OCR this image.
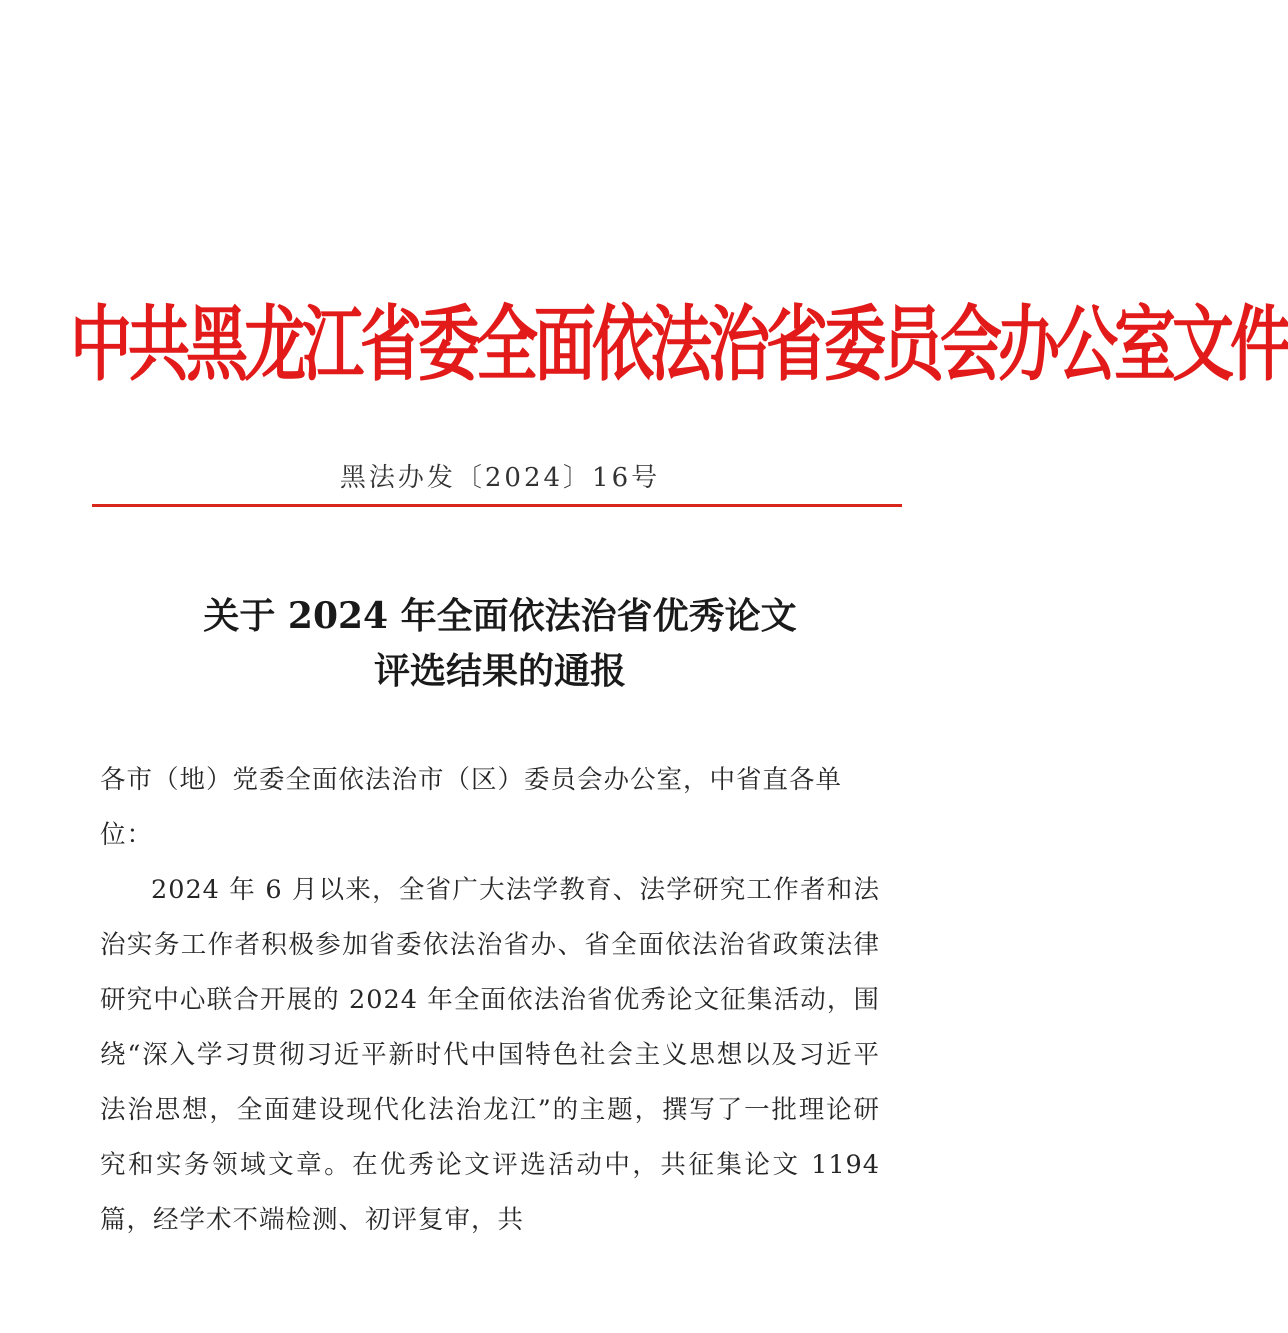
中共黑龙江省委全面依法治省委员会办公室文件
黑法办发〔2024〕16号
关于 2024 年全面依法治省优秀论文
评选结果的通报
各市（地）党委全面依法治市（区）委员会办公室，中省直各单位：
2024 年 6 月以来，全省广大法学教育、法学研究工作者和法治实务工作者积极参加省委依法治省办、省全面依法治省政策法律研究中心联合开展的 2024 年全面依法治省优秀论文征集活动，围绕“深入学习贯彻习近平新时代中国特色社会主义思想以及习近平法治思想，全面建设现代化法治龙江”的主题，撰写了一批理论研究和实务领域文章。在优秀论文评选活动中，共征集论文 1194 篇，经学术不端检测、初评复审，共
